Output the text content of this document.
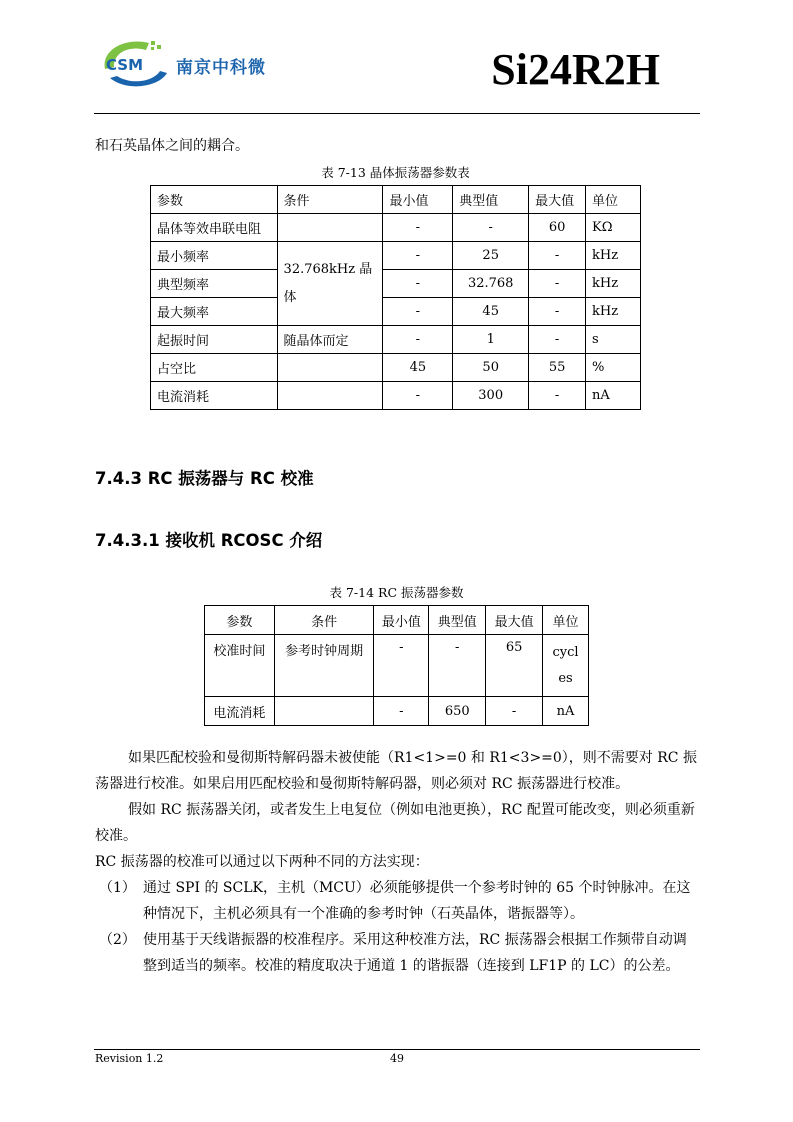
CSM 南京中科微	Si24R2H
和石英晶体之间的耦合。
表 7-13 晶体振荡器参数表
参数	条件	最小值	典型值	最大值	单位
晶体等效串联电阻		-	-	60	KΩ
最小频率	32.768kHz 晶体	-	25	-	kHz
典型频率		-	32.768	-	kHz
最大频率		-	45	-	kHz
起振时间	随晶体而定	-	1	-	s
占空比		45	50	55	%
电流消耗		-	300	-	nA
7.4.3 RC 振荡器与 RC 校准
7.4.3.1 接收机 RCOSC 介绍
表 7-14 RC 振荡器参数
参数	条件	最小值	典型值	最大值	单位
校准时间	参考时钟周期	-	-	65	cycles
电流消耗		-	650	-	nA

如果匹配校验和曼彻斯特解码器未被使能（R1<1>=0 和 R1<3>=0），则不需要对 RC 振荡器进行校准。如果启用匹配校验和曼彻斯特解码器，则必须对 RC 振荡器进行校准。

假如 RC 振荡器关闭，或者发生上电复位（例如电池更换），RC 配置可能改变，则必须重新校准。

RC 振荡器的校准可以通过以下两种不同的方法实现：

（1） 通过 SPI 的 SCLK，主机（MCU）必须能够提供一个参考时钟的 65 个时钟脉冲。在这种情况下，主机必须具有一个准确的参考时钟（石英晶体，谐振器等）。
（2） 使用基于天线谐振器的校准程序。采用这种校准方法，RC 振荡器会根据工作频带自动调整到适当的频率。校准的精度取决于通道 1 的谐振器（连接到 LF1P 的 LC）的公差。
Revision 1.2	49
